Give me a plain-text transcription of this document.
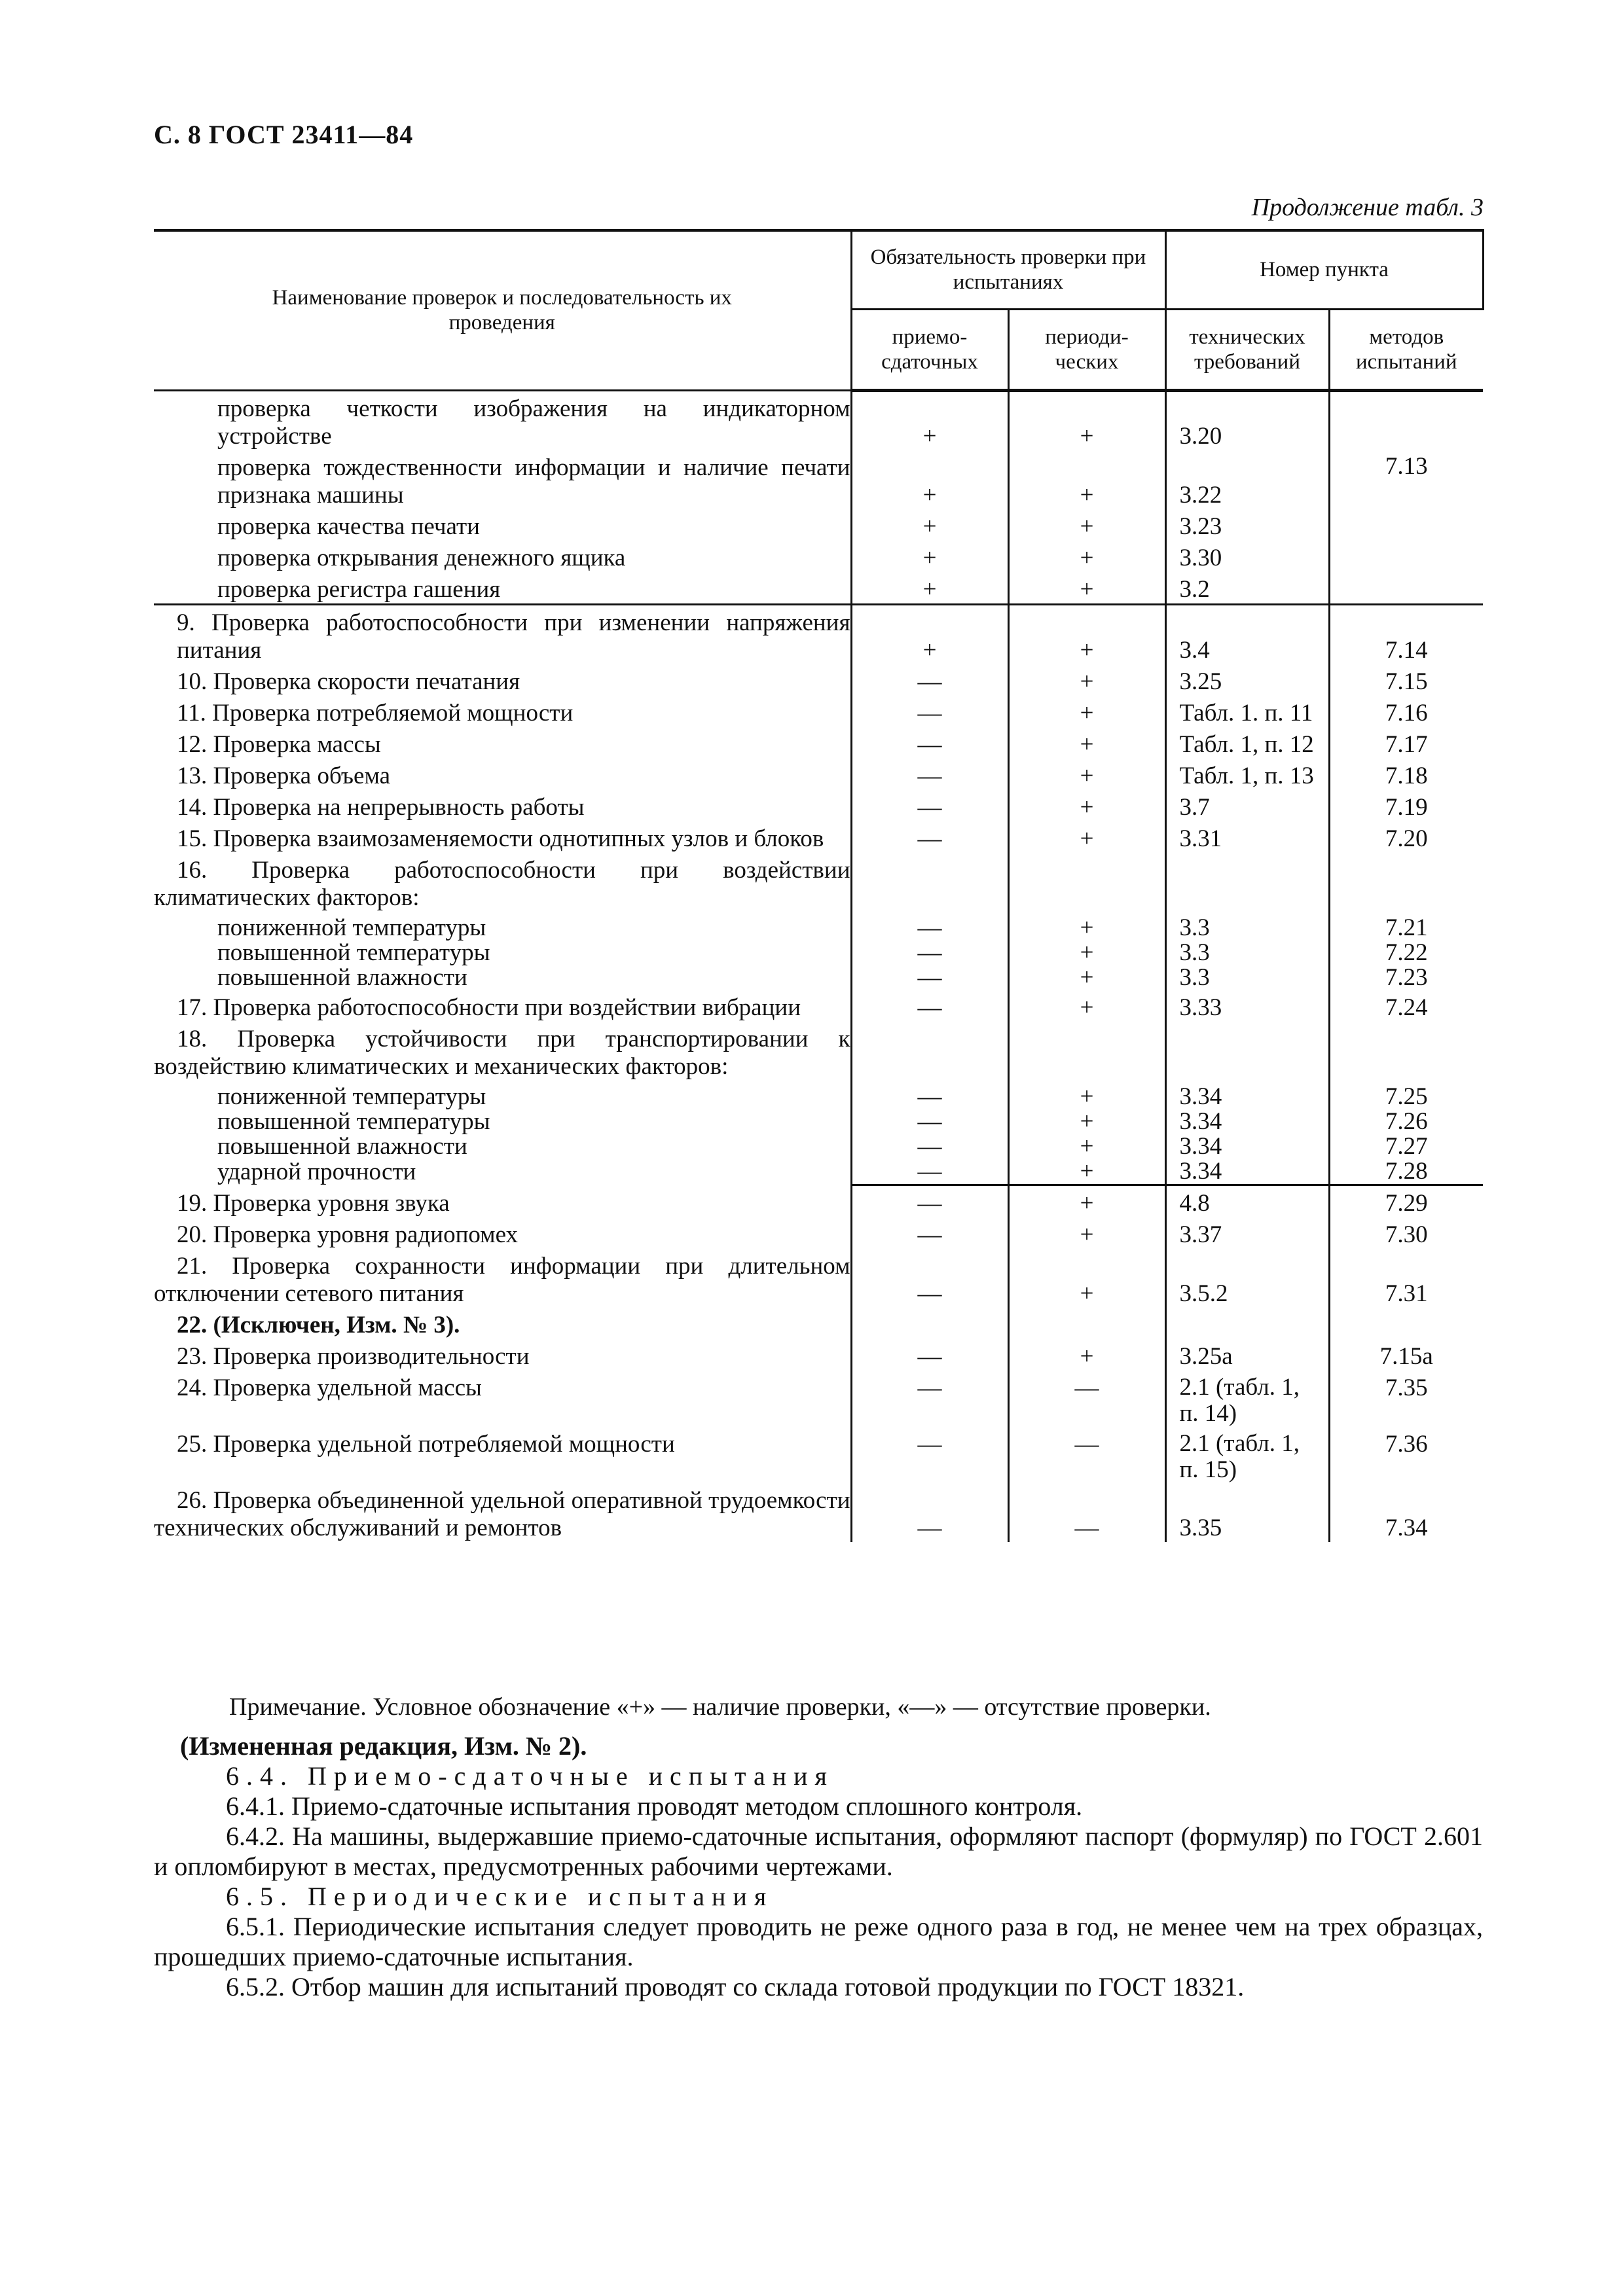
С. 8 ГОСТ 23411—84
Продолжение табл. 3
Наименование проверок и последовательность их проведения	Обязательность проверки при испытаниях		Номер пункта	
	приемо-сдаточных	периоди-ческих	технических требований	методов испытаний
проверка четкости изображения на индикаторном устройстве	+	+	3.20	7.13
проверка тождественности информации и наличие печати признака машины	+	+	3.22	
проверка качества печати	+	+	3.23	
проверка открывания денежного ящика	+	+	3.30	
проверка регистра гашения	+	+	3.2	
9. Проверка работоспособности при изменении напряжения питания	+	+	3.4	7.14
10. Проверка скорости печатания	—	+	3.25	7.15
11. Проверка потребляемой мощности	—	+	Табл. 1. п. 11	7.16
12. Проверка массы	—	+	Табл. 1, п. 12	7.17
13. Проверка объема	—	+	Табл. 1, п. 13	7.18
14. Проверка на непрерывность работы	—	+	3.7	7.19
15. Проверка взаимозаменяемости однотипных узлов и блоков	—	+	3.31	7.20
16. Проверка работоспособности при воздействии климатических факторов:				
пониженной температуры	—	+	3.3	7.21
повышенной температуры	—	+	3.3	7.22
повышенной влажности	—	+	3.3	7.23
17. Проверка работоспособности при воздействии вибрации	—	+	3.33	7.24
18. Проверка устойчивости при транспортировании к воздействию климатических и механических факторов:				
пониженной температуры	—	+	3.34	7.25
повышенной температуры	—	+	3.34	7.26
повышенной влажности	—	+	3.34	7.27
ударной прочности	—	+	3.34	7.28
19. Проверка уровня звука	—	+	4.8	7.29
20. Проверка уровня радиопомех	—	+	3.37	7.30
21. Проверка сохранности информации при длительном отключении сетевого питания	—	+	3.5.2	7.31
22. (Исключен, Изм. № 3).				
23. Проверка производительности	—	+	3.25а	7.15а
24. Проверка удельной массы	—	—	2.1 (табл. 1, п. 14)	7.35
25. Проверка удельной потребляемой мощности	—	—	2.1 (табл. 1, п. 15)	7.36
26. Проверка объединенной удельной оперативной трудоемкости технических обслуживаний и ремонтов	—	—	3.35	7.34

Примечание. Условное обозначение «+» — наличие проверки, «—» — отсутствие проверки.

(Измененная редакция, Изм. № 2).

6.4. Приемо-сдаточные испытания

6.4.1. Приемо-сдаточные испытания проводят методом сплошного контроля.

6.4.2. На машины, выдержавшие приемо-сдаточные испытания, оформляют паспорт (формуляр) по ГОСТ 2.601 и опломбируют в местах, предусмотренных рабочими чертежами.

6.5. Периодические испытания

6.5.1. Периодические испытания следует проводить не реже одного раза в год, не менее чем на трех образцах, прошедших приемо-сдаточные испытания.

6.5.2. Отбор машин для испытаний проводят со склада готовой продукции по ГОСТ 18321.
